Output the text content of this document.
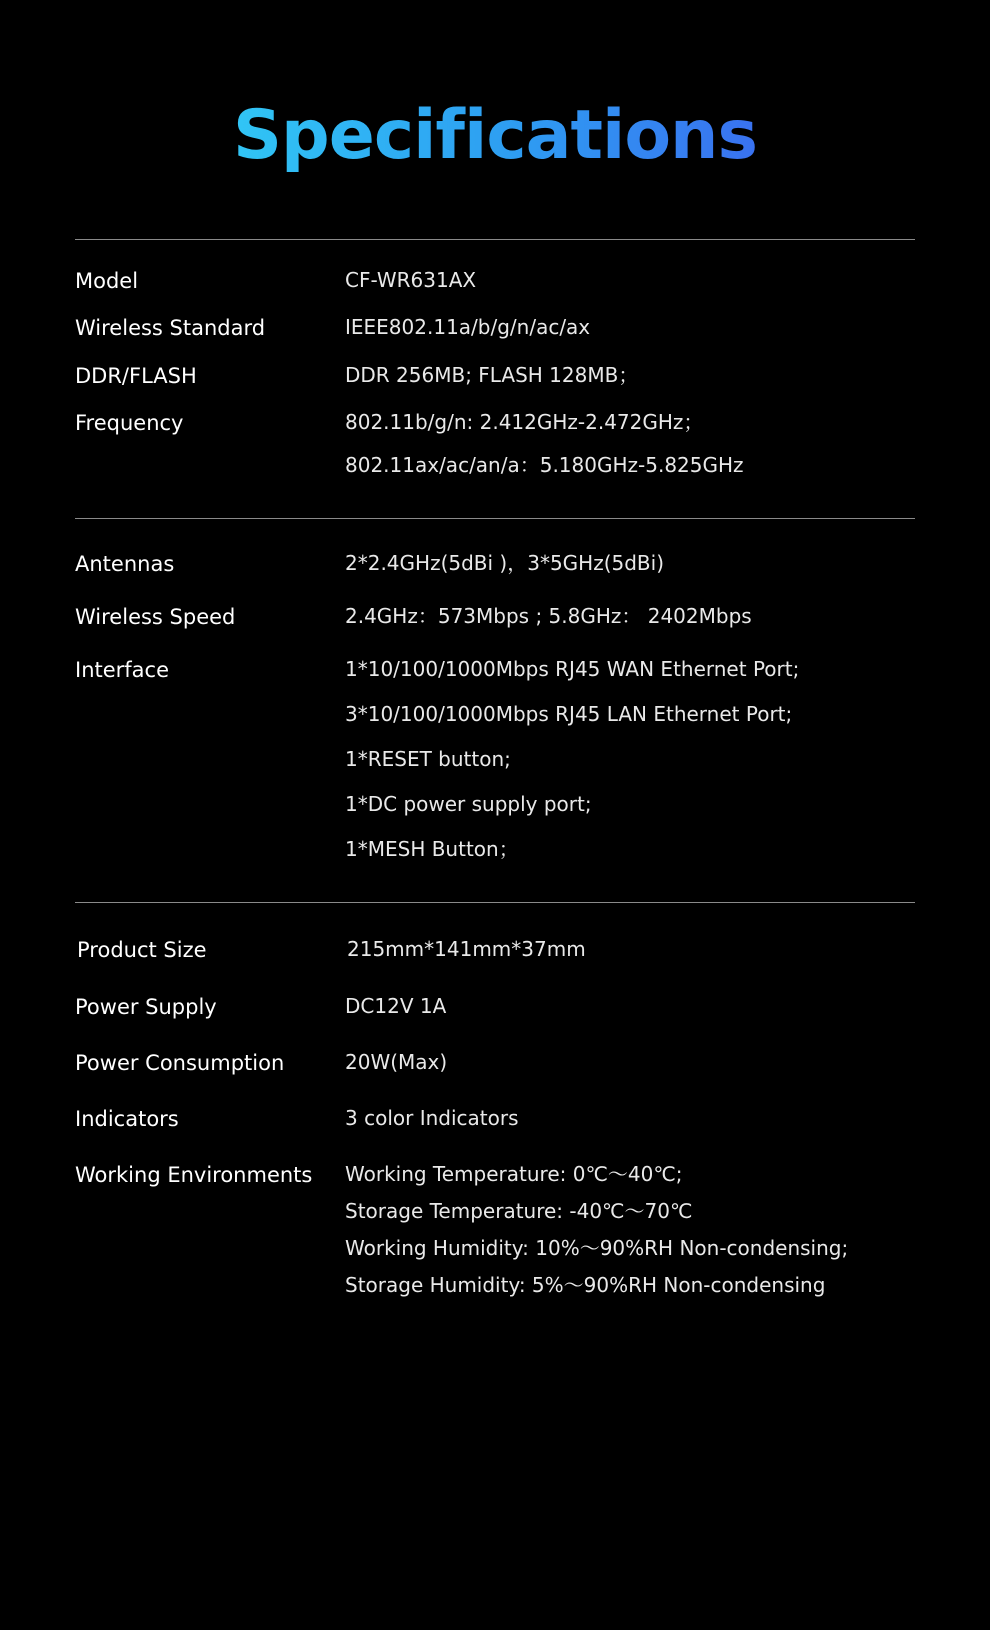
Specifications
Model	CF-WR631AX
Wireless Standard	IEEE802.11a/b/g/n/ac/ax
DDR/FLASH	DDR 256MB; FLASH 128MB；
Frequency	802.11b/g/n: 2.412GHz-2.472GHz；
802.11ax/ac/an/a：5.180GHz-5.825GHz
Antennas	2*2.4GHz(5dBi )，3*5GHz(5dBi)
Wireless Speed	2.4GHz：573Mbps ; 5.8GHz： 2402Mbps
Interface	1*10/100/1000Mbps RJ45 WAN Ethernet Port;
3*10/100/1000Mbps RJ45 LAN Ethernet Port;
1*RESET button;
1*DC power supply port;
1*MESH Button；
Product Size	215mm*141mm*37mm
Power Supply	DC12V 1A
Power Consumption	20W(Max)
Indicators	3 color Indicators
Working Environments	Working Temperature: 0℃～40℃;
Storage Temperature: -40℃～70℃
Working Humidity: 10%～90%RH Non-condensing;
Storage Humidity: 5%～90%RH Non-condensing
